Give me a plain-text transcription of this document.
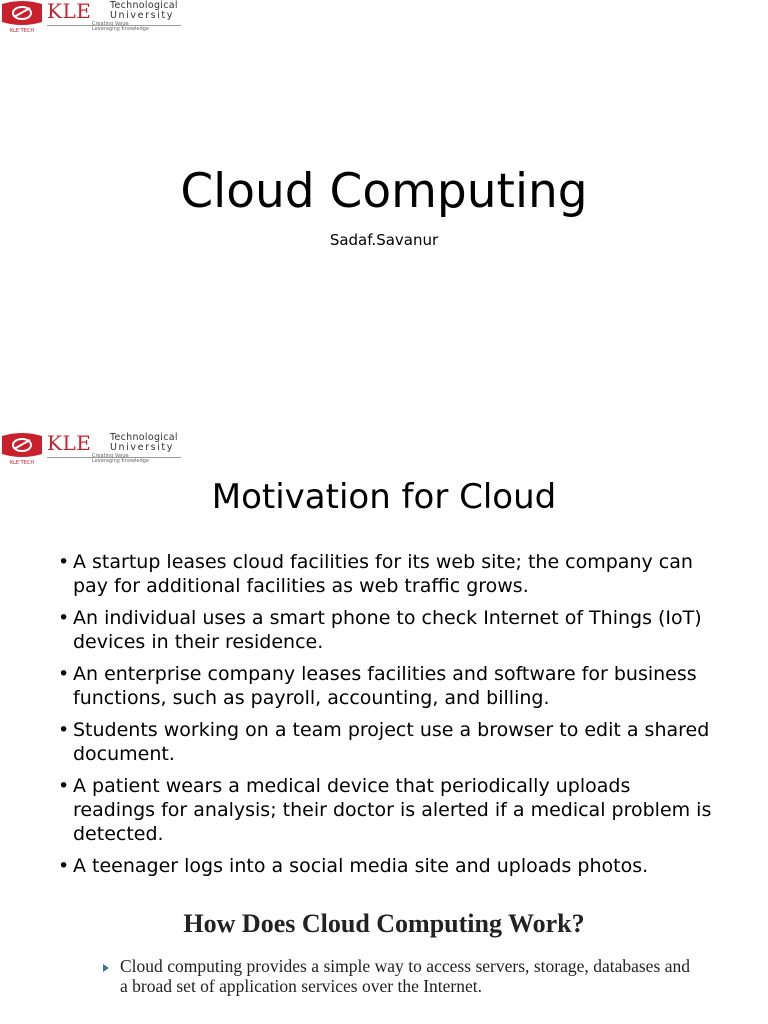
KLE TECH
KLE Technological
University
Creating Value
Leveraging Knowledge
Cloud Computing
Sadaf.Savanur
KLE TECH
KLE Technological
University
Creating Value
Leveraging Knowledge
Motivation for Cloud
• A startup leases cloud facilities for its web site; the company can pay for additional facilities as web traffic grows.
• An individual uses a smart phone to check Internet of Things (IoT) devices in their residence.
• An enterprise company leases facilities and software for business functions, such as payroll, accounting, and billing.
• Students working on a team project use a browser to edit a shared document.
• A patient wears a medical device that periodically uploads readings for analysis; their doctor is alerted if a medical problem is detected.
• A teenager logs into a social media site and uploads photos.
How Does Cloud Computing Work?
Cloud computing provides a simple way to access servers, storage, databases and a broad set of application services over the Internet.
